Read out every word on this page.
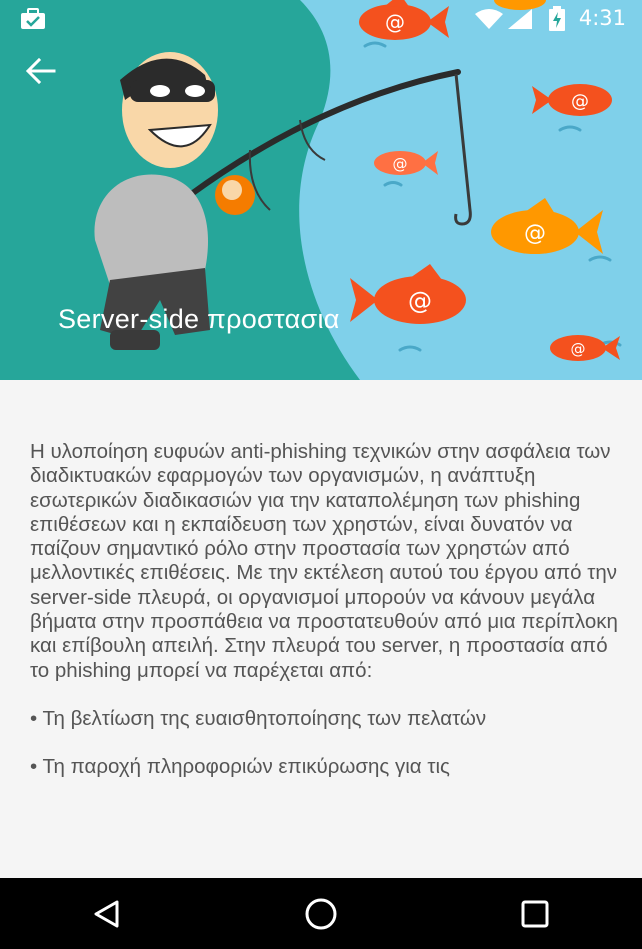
@
@
@
@
@
@
4:31
Server-side προστασια

Η υλοποίηση ευφυών anti-phishing τεχνικών στην ασφάλεια των διαδικτυακών εφαρμογών των οργανισμών, η ανάπτυξη εσωτερικών διαδικασιών για την καταπολέμηση των phishing επιθέσεων και η εκπαίδευση των χρηστών, είναι δυνατόν να παίζουν σημαντικό ρόλο στην προστασία των χρηστών από μελλοντικές επιθέσεις. Με την εκτέλεση αυτού του έργου από την server-side πλευρά, οι οργανισμοί μπορούν να κάνουν μεγάλα βήματα στην προσπάθεια να προστατευθούν από μια περίπλοκη και επίβουλη απειλή. Στην πλευρά του server, η προστασία από το phishing μπορεί να παρέχεται από:

• Τη βελτίωση της ευαισθητοποίησης των πελατών

• Τη παροχή πληροφοριών επικύρωσης για τις
